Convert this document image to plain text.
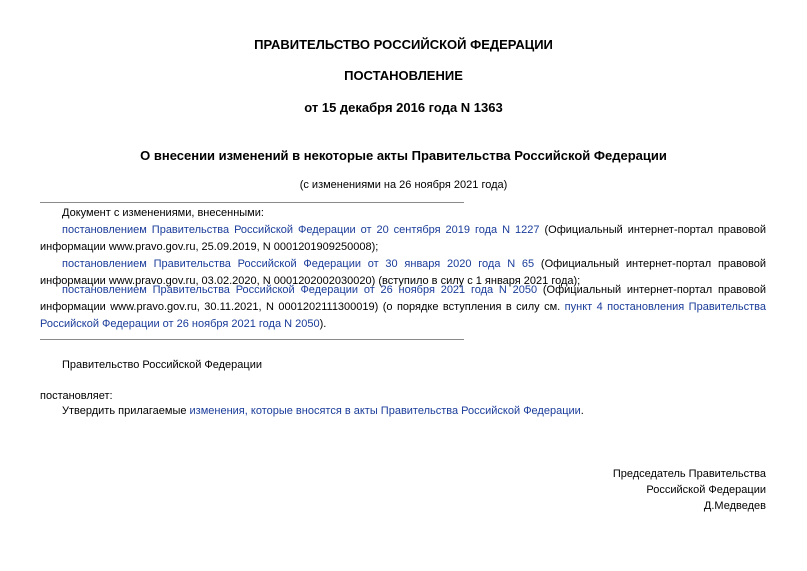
ПРАВИТЕЛЬСТВО РОССИЙСКОЙ ФЕДЕРАЦИИ
ПОСТАНОВЛЕНИЕ
от 15 декабря 2016 года N 1363
О внесении изменений в некоторые акты Правительства Российской Федерации
(с изменениями на 26 ноября 2021 года)
Документ с изменениями, внесенными:
постановлением Правительства Российской Федерации от 20 сентября 2019 года N 1227 (Официальный интернет-портал правовой информации www.pravo.gov.ru, 25.09.2019, N 0001201909250008);
постановлением Правительства Российской Федерации от 30 января 2020 года N 65 (Официальный интернет-портал правовой информации www.pravo.gov.ru, 03.02.2020, N 0001202002030020) (вступило в силу с 1 января 2021 года);
постановлением Правительства Российской Федерации от 26 ноября 2021 года N 2050 (Официальный интернет-портал правовой информации www.pravo.gov.ru, 30.11.2021, N 0001202111300019) (о порядке вступления в силу см. пункт 4 постановления Правительства Российской Федерации от 26 ноября 2021 года N 2050).
Правительство Российской Федерации
постановляет:
Утвердить прилагаемые изменения, которые вносятся в акты Правительства Российской Федерации.
Председатель Правительства
Российской Федерации
Д.Медведев
